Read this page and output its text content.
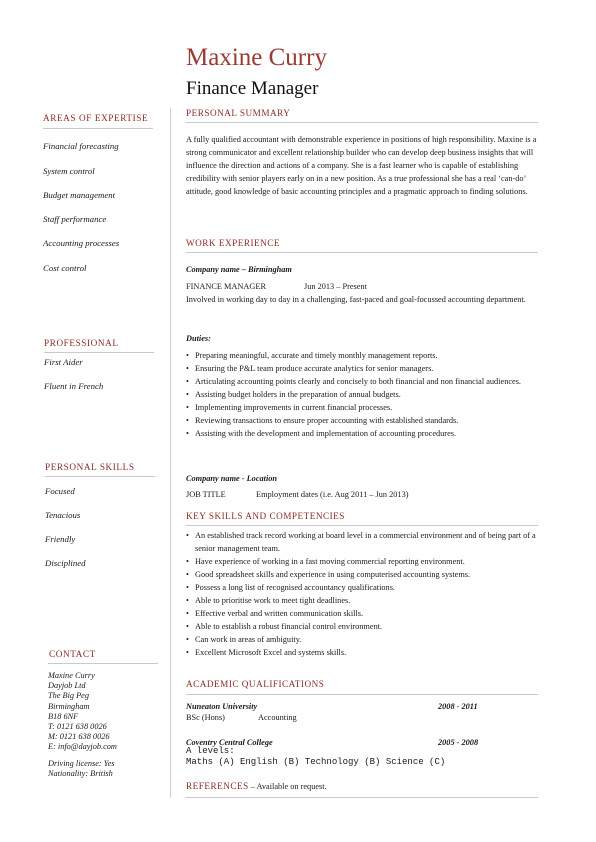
Maxine Curry
Finance Manager
AREAS OF EXPERTISE
Financial forecasting
System control
Budget management
Staff performance
Accounting processes
Cost control
PROFESSIONAL
First Aider
Fluent in French
PERSONAL SKILLS
Focused
Tenacious
Friendly
Disciplined
CONTACT
Maxine Curry
Dayjob Ltd
The Big Peg
Birmingham
B18 6NF
T: 0121 638 0026
M: 0121 638 0026
E: info@dayjob.com
Driving license: Yes
Nationality: British
PERSONAL SUMMARY
A fully qualified accountant with demonstrable experience in positions of high responsibility. Maxine is a strong communicator and excellent relationship builder who can develop deep business insights that will influence the direction and actions of a company. She is a fast learner who is capable of establishing credibility with senior players early on in a new position. As a true professional she has a real ‘can-do’ attitude, good knowledge of basic accounting principles and a pragmatic approach to finding solutions.
WORK EXPERIENCE
Company name – Birmingham
FINANCE MANAGER	Jun 2013 – Present
Involved in working day to day in a challenging, fast-paced and goal-focussed accounting department.
Duties:
• Preparing meaningful, accurate and timely monthly management reports.
• Ensuring the P&L team produce accurate analytics for senior managers.
• Articulating accounting points clearly and concisely to both financial and non financial audiences.
• Assisting budget holders in the preparation of annual budgets.
• Implementing improvements in current financial processes.
• Reviewing transactions to ensure proper accounting with established standards.
• Assisting with the development and implementation of accounting procedures.
Company name - Location
JOB TITLE	Employment dates (i.e. Aug 2011 – Jun 2013)
KEY SKILLS AND COMPETENCIES
• An established track record working at board level in a commercial environment and of being part of a senior management team.
• Have experience of working in a fast moving commercial reporting environment.
• Good spreadsheet skills and experience in using computerised accounting systems.
• Possess a long list of recognised accountancy qualifications.
• Able to prioritise work to meet tight deadlines.
• Effective verbal and written communication skills.
• Able to establish a robust financial control environment.
• Can work in areas of ambiguity.
• Excellent Microsoft Excel and systems skills.
ACADEMIC QUALIFICATIONS
Nuneaton University	2008 - 2011
BSc (Hons)	Accounting
Coventry Central College	2005 - 2008
A levels:
Maths (A) English (B) Technology (B) Science (C)
REFERENCES – Available on request.
